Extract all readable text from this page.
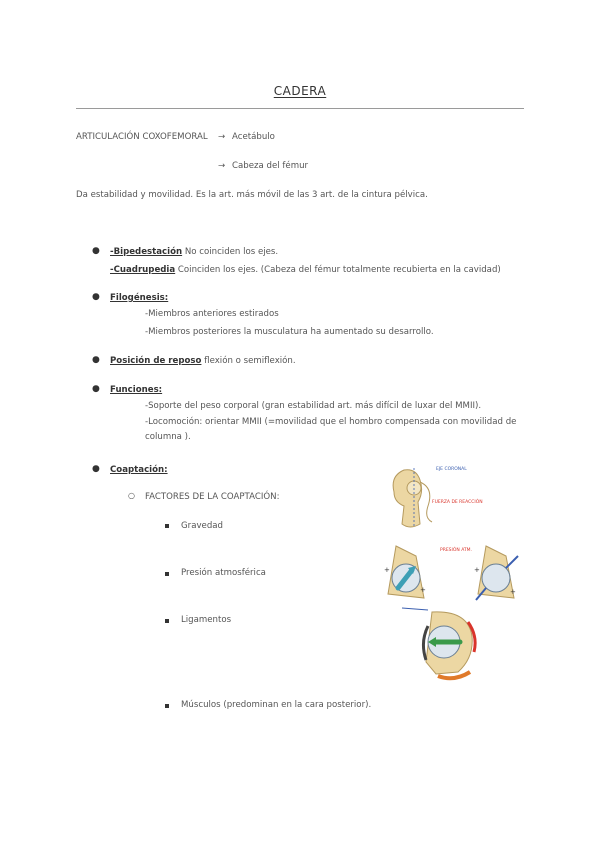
CADERA
ARTICULACIÓN COXOFEMORAL → Acetábulo
→ Cabeza del fémur
Da estabilidad y movilidad. Es la art. más móvil de las 3 art. de la cintura pélvica.
● -Bipedestación No coinciden los ejes.
-Cuadrupedia Coinciden los ejes. (Cabeza del fémur totalmente recubierta en la cavidad)
● Filogénesis:
-Miembros anteriores estirados
-Miembros posteriores la musculatura ha aumentado su desarrollo.
● Posición de reposo flexión o semiflexión.
● Funciones:
-Soporte del peso corporal (gran estabilidad art. más difícil de luxar del MMII).
-Locomoción: orientar MMII (=movilidad que el hombro compensada con movilidad de columna ).
● Coaptación:
○ FACTORES DE LA COAPTACIÓN:
Gravedad
Presión atmosférica
Ligamentos
Músculos (predominan en la cara posterior).
EJE CORONAL
FUERZA DE REACCIÓN
+
+
+
+
PRESIÓN ATM.
